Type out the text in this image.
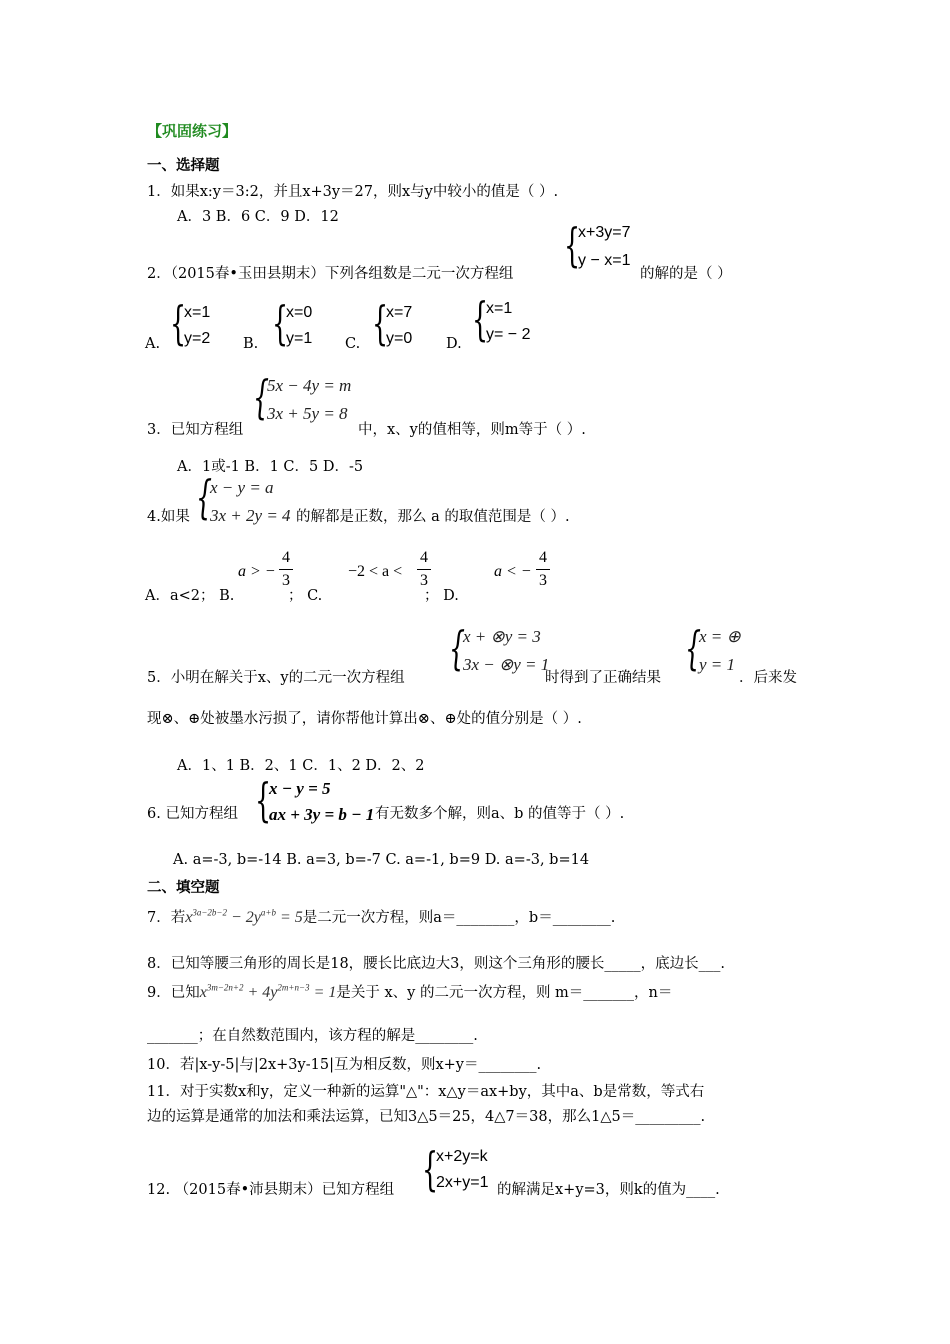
【巩固练习】
一、选择题
1．如果x:y＝3:2，并且x+3y＝27，则x与y中较小的值是（ ）.
A．3 B．6 C．9 D．12
{
x+3y=7
y − x=1
2．（2015春•玉田县期末）下列各组数是二元一次方程组	的解的是（ ）
A. {
x=1
y=2 B. {
x=0
y=1 C. {
x=7
y=0 D. {
x=1
y= − 2
{
5x − 4y = m
3x + 5y = 8
3．已知方程组	中，x、y的值相等，则m等于（ ）.
A．1或-1 B．1 C．5 D．-5
{
x − y = a
3x + 2y = 4
4.如果	的解都是正数，那么 a 的取值范围是（ ）.
A．a<2； B.
a > −
4
3
； C.
−2 < a <
4
3
； D.
a < −
4
3
{
x + ⊗y = 3
3x − ⊗y = 1	{
x = ⊕
y = 1
5．小明在解关于x、y的二元一次方程组	时得到了正确结果	．后来发
现⊗、⊕处被墨水污损了，请你帮他计算出⊗、⊕处的值分别是（ ）.
A．1、1 B．2、1 C．1、2 D．2、2
{
x − y = 5
ax + 3y = b − 1
6. 已知方程组	有无数多个解，则a、b 的值等于（ ）.
A. a=-3, b=-14 B. a=3, b=-7 C. a=-1, b=9 D. a=-3, b=14
二、填空题
7．若$x^{3a-2b-2} - 2y^{a+b} = 5$是二元一次方程，则a＝________，b＝________.
8．已知等腰三角形的周长是18，腰长比底边大3，则这个三角形的腰长_____，底边长___.
9．已知$x^{3m-2n+2} + 4y^{2m+n-3} = 1$是关于 x、y 的二元一次方程，则 m＝_______，n＝
_______；在自然数范围内，该方程的解是________.
10．若|x-y-5|与|2x+3y-15|互为相反数，则x+y＝________.
11．对于实数x和y，定义一种新的运算"△"：x△y＝ax+by，其中a、b是常数，等式右
边的运算是通常的加法和乘法运算，已知3△5＝25，4△7＝38，那么1△5＝_________.
{
x+2y=k
2x+y=1
12. （2015春•沛县期末）已知方程组	的解满足x+y=3，则k的值为____.
